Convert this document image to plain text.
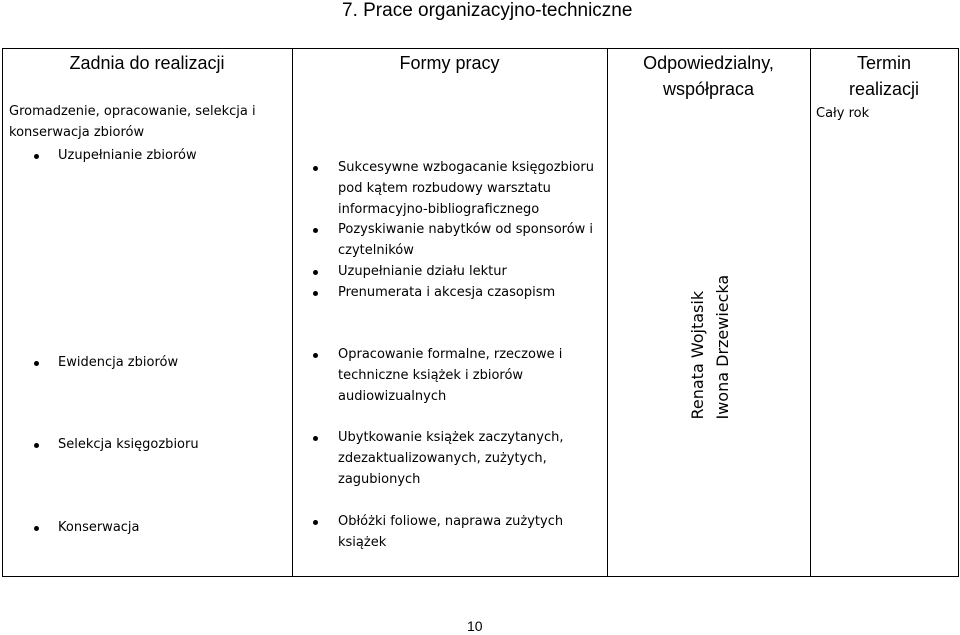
7. Prace organizacyjno-techniczne
Zadnia do realizacji	Formy pracy	Odpowiedzialny,
współpraca
Termin
realizacji
Gromadzenie, opracowanie, selekcja i
konserwacja zbiorów
Uzupełnianie zbiorów
Ewidencja zbiorów
Selekcja księgozbioru
Konserwacja
Sukcesywne wzbogacanie księgozbioru
pod kątem rozbudowy warsztatu
informacyjno-bibliograficznego
Pozyskiwanie nabytków od sponsorów i
czytelników
Uzupełnianie działu lektur
Prenumerata i akcesja czasopism
Opracowanie formalne, rzeczowe i
techniczne książek i zbiorów
audiowizualnych
Ubytkowanie książek zaczytanych,
zdezaktualizowanych, zużytych,
zagubionych
Obłóżki foliowe, naprawa zużytych
książek
Renata Wojtasik Iwona Drzewiecka
Cały rok
10
